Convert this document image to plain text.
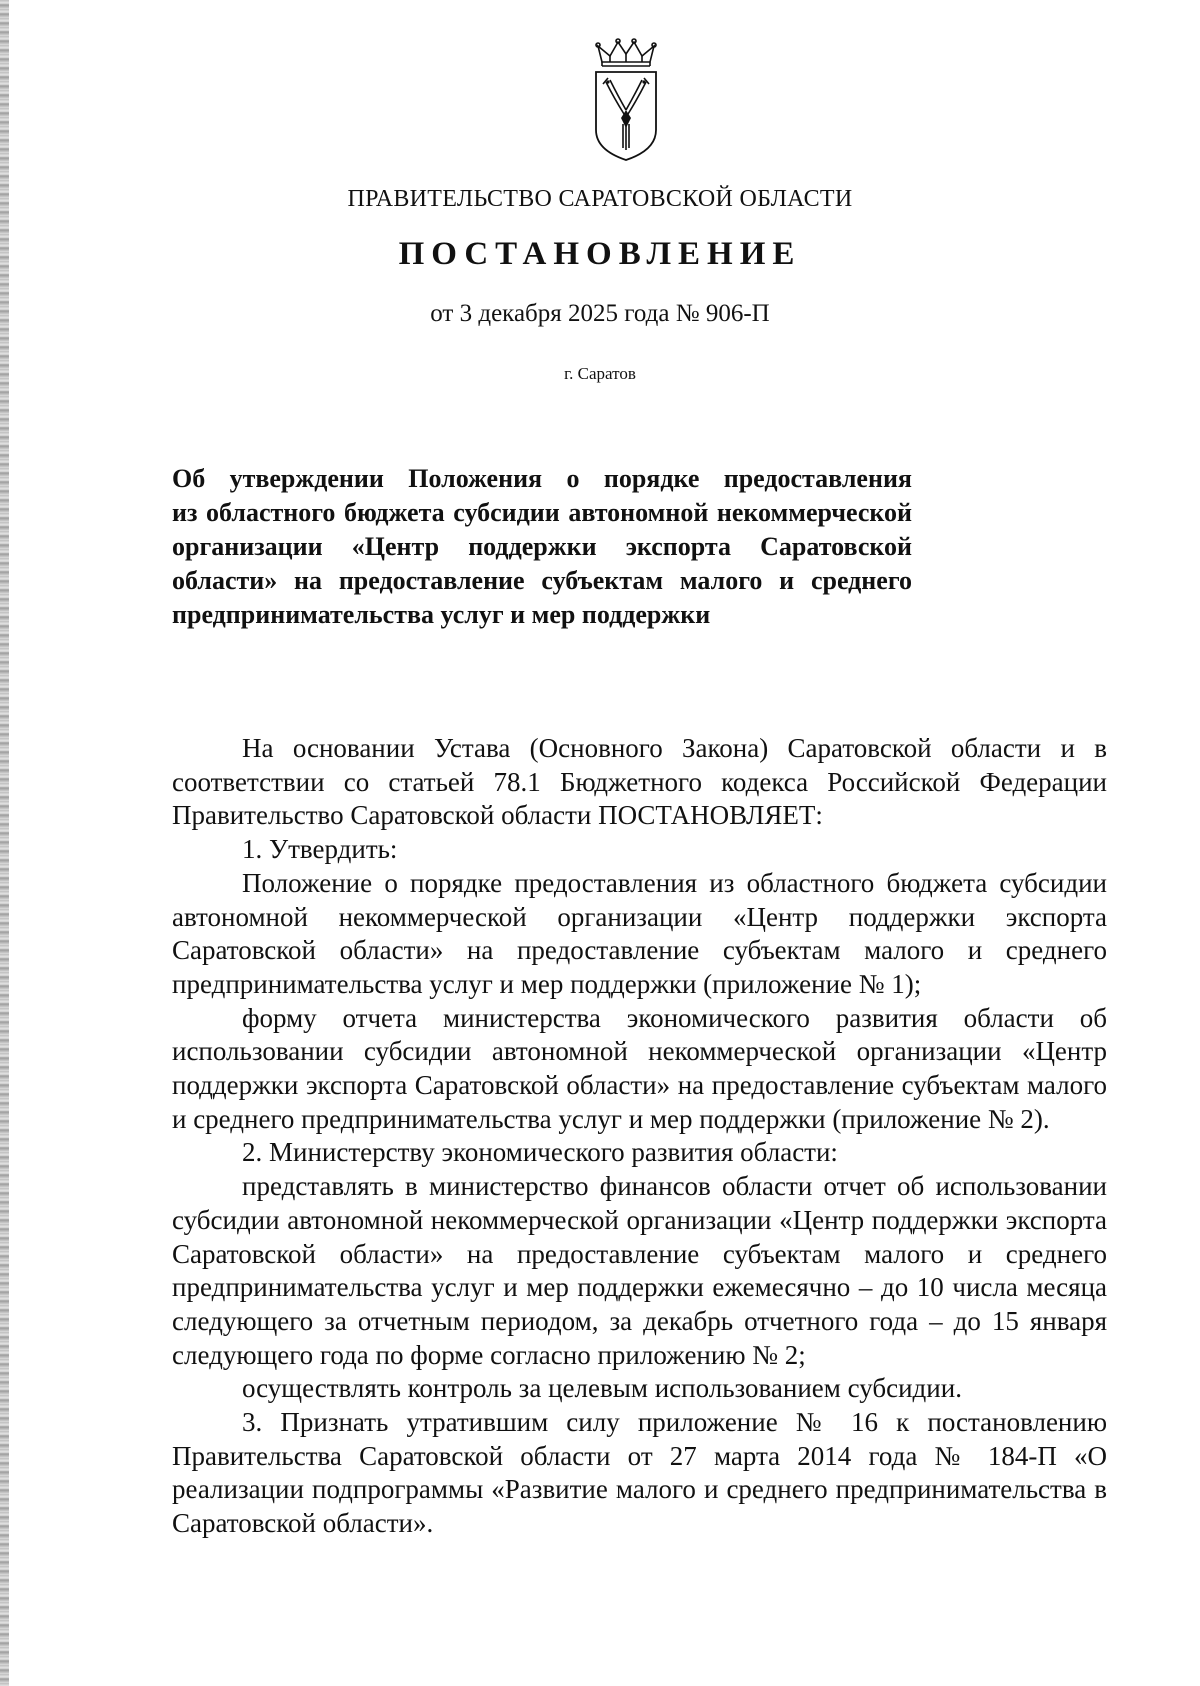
ПРАВИТЕЛЬСТВО САРАТОВСКОЙ ОБЛАСТИ
ПОСТАНОВЛЕНИЕ
от 3 декабря 2025 года № 906-П
г. Саратов
Об утверждении Положения о порядке предоставления
из областного бюджета субсидии автономной некоммерческой
организации «Центр поддержки экспорта Саратовской
области» на предоставление субъектам малого и среднего
предпринимательства услуг и мер поддержки

На основании Устава (Основного Закона) Саратовской области и в соответствии со статьей 78.1 Бюджетного кодекса Российской Федерации Правительство Саратовской области ПОСТАНОВЛЯЕТ:

1. Утвердить:

Положение о порядке предоставления из областного бюджета субсидии автономной некоммерческой организации «Центр поддержки экспорта Саратовской области» на предоставление субъектам малого и среднего предпринимательства услуг и мер поддержки (приложение № 1);

форму отчета министерства экономического развития области об использовании субсидии автономной некоммерческой организации «Центр поддержки экспорта Саратовской области» на предоставление субъектам малого и среднего предпринимательства услуг и мер поддержки (приложение № 2).

2. Министерству экономического развития области:

представлять в министерство финансов области отчет об использовании субсидии автономной некоммерческой организации «Центр поддержки экспорта Саратовской области» на предоставление субъектам малого и среднего предпринимательства услуг и мер поддержки ежемесячно – до 10 числа месяца следующего за отчетным периодом, за декабрь отчетного года – до 15 января следующего года по форме согласно приложению № 2;

осуществлять контроль за целевым использованием субсидии.

3. Признать утратившим силу приложение № 16 к постановлению Правительства Саратовской области от 27 марта 2014 года № 184-П «О реализации подпрограммы «Развитие малого и среднего предпринимательства в Саратовской области».
